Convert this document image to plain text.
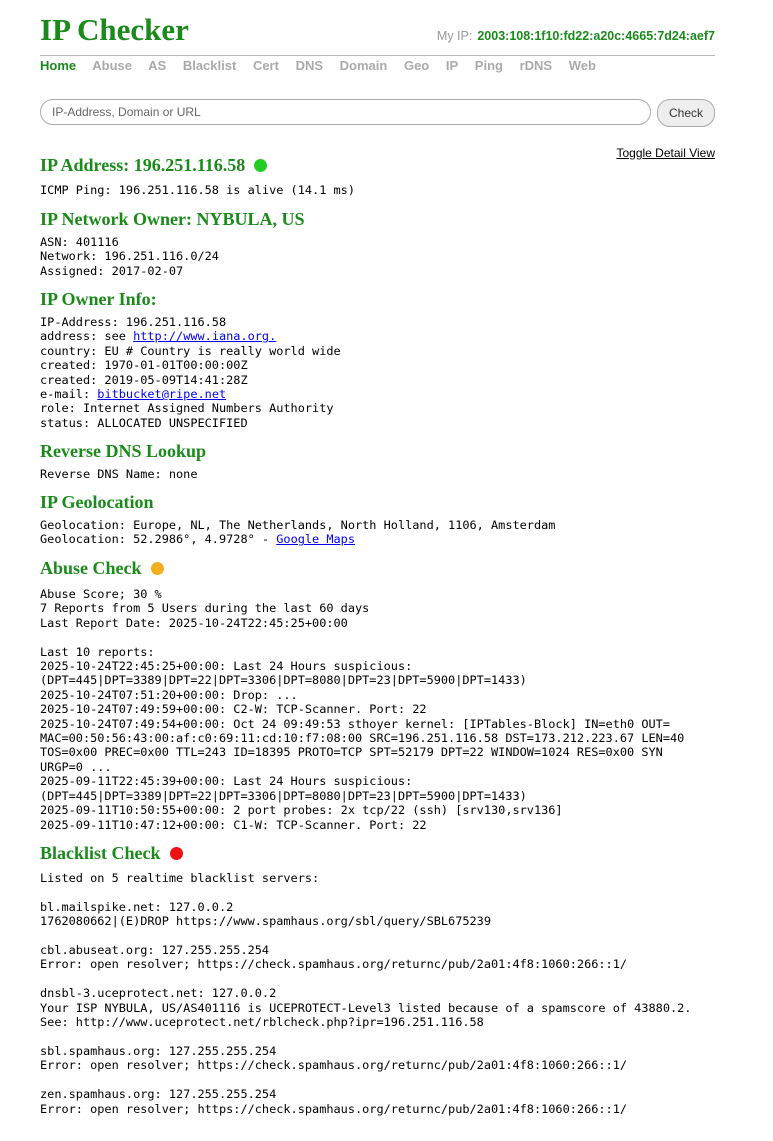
IP Checker	My IP: 2003:108:1f10:fd22:a20c:4665:7d24:aef7
Home Abuse AS Blacklist Cert DNS Domain Geo IP Ping rDNS Web
IP-Address, Domain or URL
Check
Toggle Detail View
IP Address: 196.251.116.58
ICMP Ping: 196.251.116.58 is alive (14.1 ms)
IP Network Owner: NYBULA, US
ASN: 401116
Network: 196.251.116.0/24
Assigned: 2017-02-07
IP Owner Info:
IP-Address: 196.251.116.58
address: see http://www.iana.org.
country: EU # Country is really world wide
created: 1970-01-01T00:00:00Z
created: 2019-05-09T14:41:28Z
e-mail: bitbucket@ripe.net
role: Internet Assigned Numbers Authority
status: ALLOCATED UNSPECIFIED
Reverse DNS Lookup
Reverse DNS Name: none
IP Geolocation
Geolocation: Europe, NL, The Netherlands, North Holland, 1106, Amsterdam
Geolocation: 52.2986°, 4.9728° - Google Maps
Abuse Check
Abuse Score; 30 %
7 Reports from 5 Users during the last 60 days
Last Report Date: 2025-10-24T22:45:25+00:00

Last 10 reports:
2025-10-24T22:45:25+00:00: Last 24 Hours suspicious:
(DPT=445|DPT=3389|DPT=22|DPT=3306|DPT=8080|DPT=23|DPT=5900|DPT=1433)
2025-10-24T07:51:20+00:00: Drop: ...
2025-10-24T07:49:59+00:00: C2-W: TCP-Scanner. Port: 22
2025-10-24T07:49:54+00:00: Oct 24 09:49:53 sthoyer kernel: [IPTables-Block] IN=eth0 OUT=
MAC=00:50:56:43:00:af:c0:69:11:cd:10:f7:08:00 SRC=196.251.116.58 DST=173.212.223.67 LEN=40
TOS=0x00 PREC=0x00 TTL=243 ID=18395 PROTO=TCP SPT=52179 DPT=22 WINDOW=1024 RES=0x00 SYN
URGP=0 ...
2025-09-11T22:45:39+00:00: Last 24 Hours suspicious:
(DPT=445|DPT=3389|DPT=22|DPT=3306|DPT=8080|DPT=23|DPT=5900|DPT=1433)
2025-09-11T10:50:55+00:00: 2 port probes: 2x tcp/22 (ssh) [srv130,srv136]
2025-09-11T10:47:12+00:00: C1-W: TCP-Scanner. Port: 22
Blacklist Check
Listed on 5 realtime blacklist servers:

bl.mailspike.net: 127.0.0.2
1762080662|(E)DROP https://www.spamhaus.org/sbl/query/SBL675239

cbl.abuseat.org: 127.255.255.254
Error: open resolver; https://check.spamhaus.org/returnc/pub/2a01:4f8:1060:266::1/

dnsbl-3.uceprotect.net: 127.0.0.2
Your ISP NYBULA, US/AS401116 is UCEPROTECT-Level3 listed because of a spamscore of 43880.2.
See: http://www.uceprotect.net/rblcheck.php?ipr=196.251.116.58

sbl.spamhaus.org: 127.255.255.254
Error: open resolver; https://check.spamhaus.org/returnc/pub/2a01:4f8:1060:266::1/

zen.spamhaus.org: 127.255.255.254
Error: open resolver; https://check.spamhaus.org/returnc/pub/2a01:4f8:1060:266::1/
